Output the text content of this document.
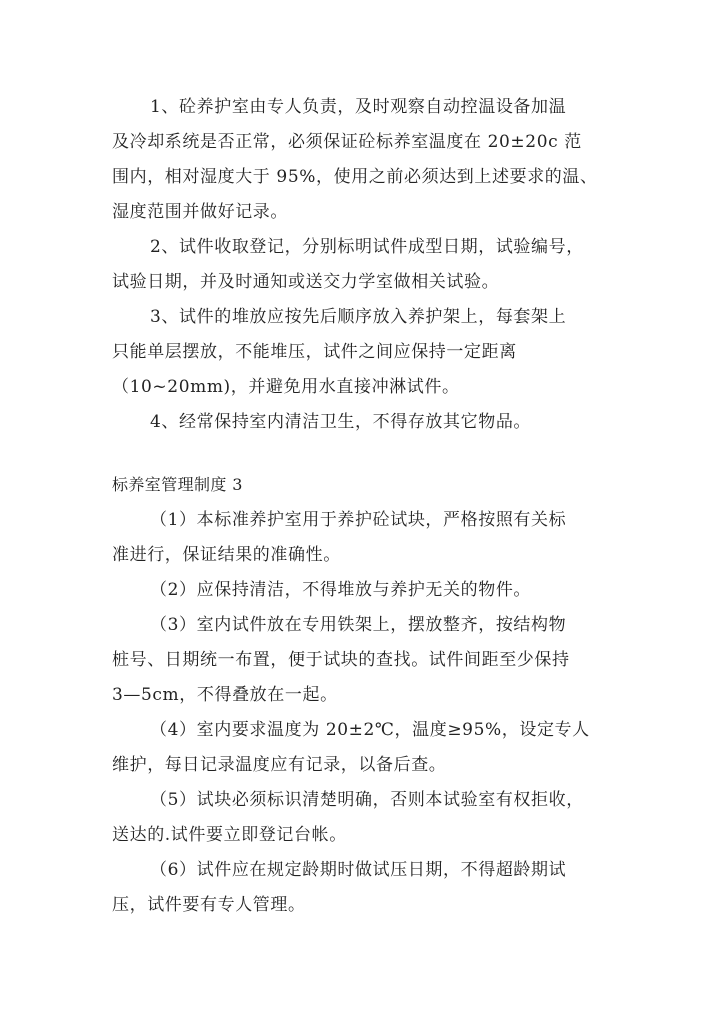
1、砼养护室由专人负责，及时观察自动控温设备加温
及冷却系统是否正常，必须保证砼标养室温度在 20±20c 范
围内，相对湿度大于 95%，使用之前必须达到上述要求的温、
湿度范围并做好记录。
2、试件收取登记，分别标明试件成型日期，试验编号，
试验日期，并及时通知或送交力学室做相关试验。
3、试件的堆放应按先后顺序放入养护架上，每套架上
只能单层摆放，不能堆压，试件之间应保持一定距离
（10~20mm)，并避免用水直接冲淋试件。
4、经常保持室内清洁卫生，不得存放其它物品。
标养室管理制度 3
（1）本标准养护室用于养护砼试块，严格按照有关标
准进行，保证结果的准确性。
（2）应保持清洁，不得堆放与养护无关的物件。
（3）室内试件放在专用铁架上，摆放整齐，按结构物
桩号、日期统一布置，便于试块的查找。试件间距至少保持
3—5cm，不得叠放在一起。
（4）室内要求温度为 20±2℃，温度≥95%，设定专人
维护，每日记录温度应有记录，以备后查。
（5）试块必须标识清楚明确，否则本试验室有权拒收，
送达的.试件要立即登记台帐。
（6）试件应在规定龄期时做试压日期，不得超龄期试
压，试件要有专人管理。
